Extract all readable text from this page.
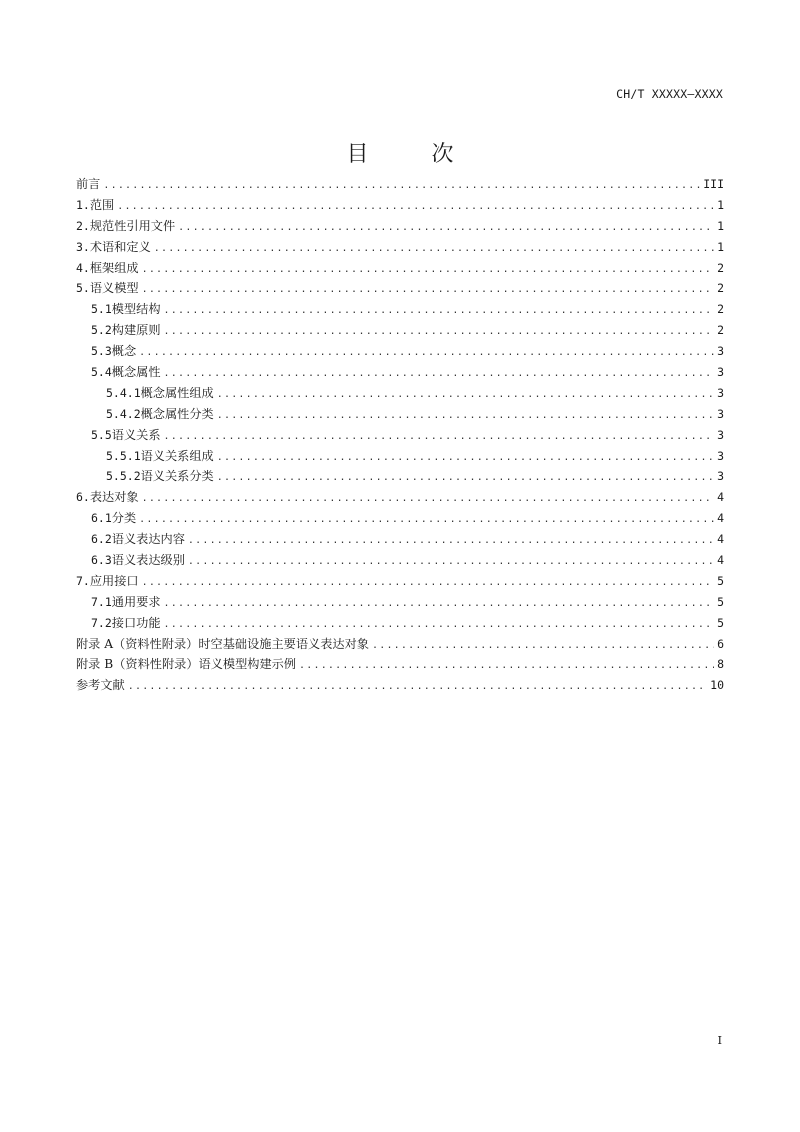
CH/T XXXXX—XXXX
目 次
前言 .....	III
1. 范围 .....	1
2. 规范性引用文件 .....	1
3. 术语和定义 .....	1
4. 框架组成 .....	2
5. 语义模型 .....	2
5.1 模型结构 .....	2
5.2 构建原则 .....	2
5.3 概念 .....	3
5.4 概念属性 .....	3
5.4.1 概念属性组成 .....	3
5.4.2 概念属性分类 .....	3
5.5 语义关系 .....	3
5.5.1 语义关系组成 .....	3
5.5.2 语义关系分类 .....	3
6. 表达对象 .....	4
6.1 分类 .....	4
6.2 语义表达内容 .....	4
6.3 语义表达级别 .....	4
7. 应用接口 .....	5
7.1 通用要求 .....	5
7.2 接口功能 .....	5
附录 A（资料性附录）时空基础设施主要语义表达对象 .....	6
附录 B（资料性附录）语义模型构建示例 .....	8
参考文献 .....	10
I
